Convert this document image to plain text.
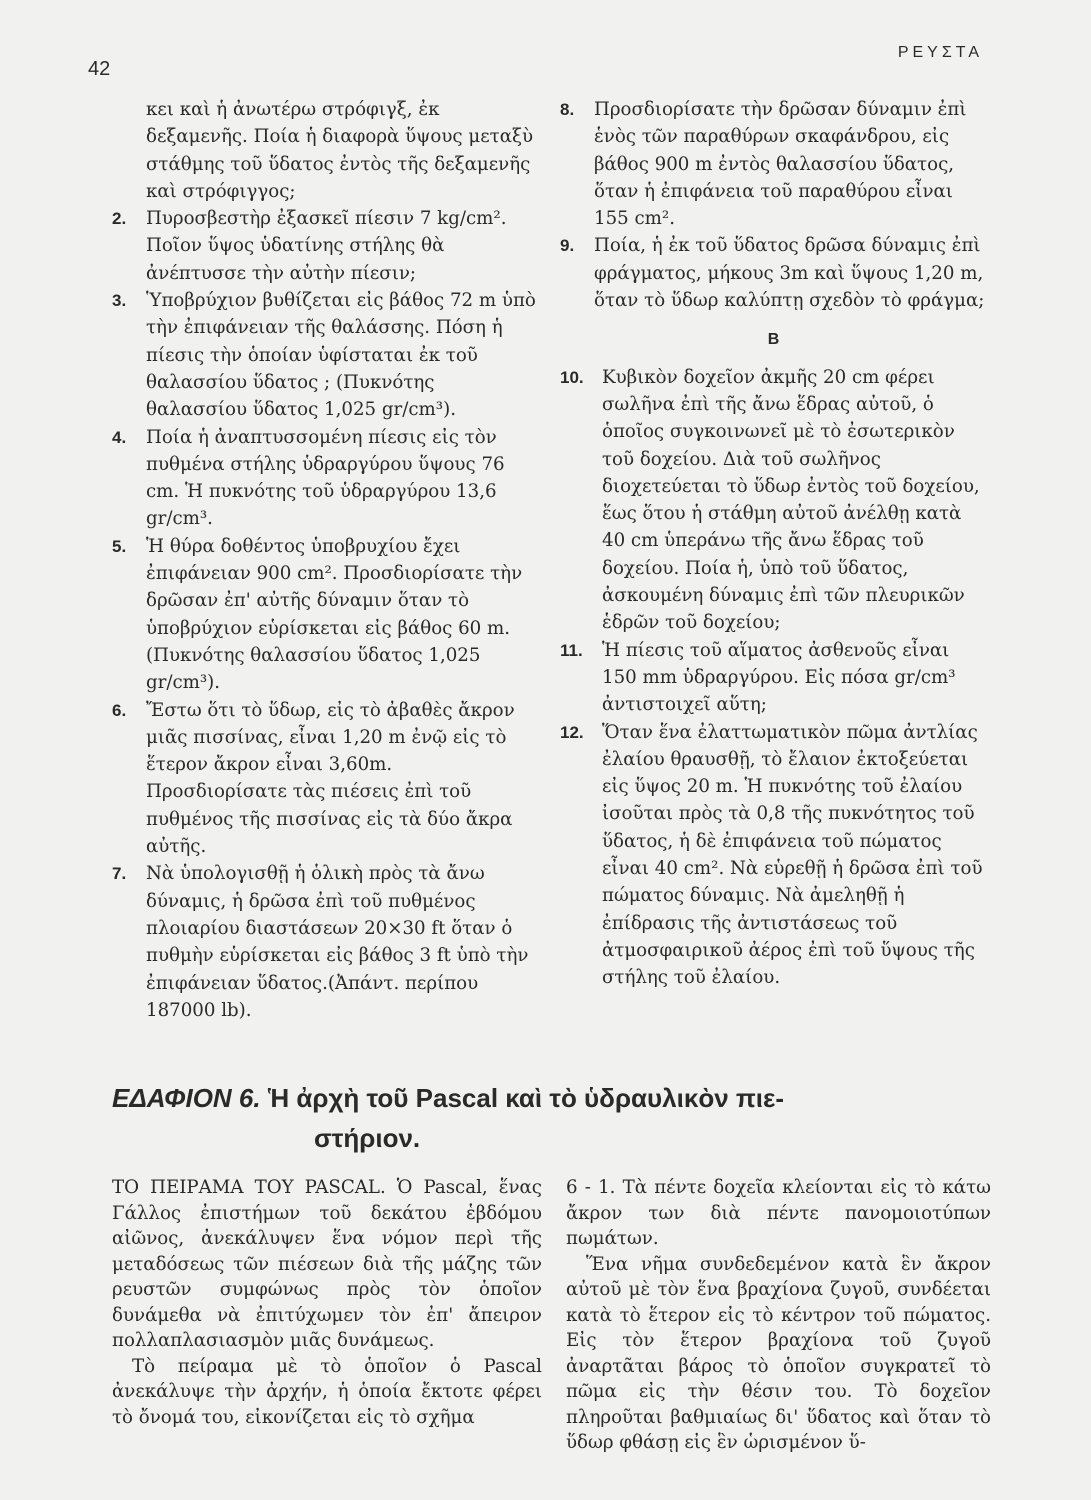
42
ΡΕΥΣΤΑ
κει καὶ ἡ ἀνωτέρω στρόφιγξ, ἐκ δεξαμενῆς. Ποία ἡ διαφορὰ ὕψους μεταξὺ στάθμης τοῦ ὕδατος ἐντὸς τῆς δεξαμενῆς καὶ στρόφιγγος;
2.	Πυροσβεστὴρ ἐξασκεῖ πίεσιν 7 kg/cm². Ποῖον ὕψος ὑδατίνης στήλης θὰ ἀνέπτυσσε τὴν αὐτὴν πίεσιν;
3.	Ὑποβρύχιον βυθίζεται εἰς βάθος 72 m ὑπὸ τὴν ἐπιφάνειαν τῆς θαλάσσης. Πόση ἡ πίεσις τὴν ὁποίαν ὑφίσταται ἐκ τοῦ θαλασσίου ὕδατος ; (Πυκνότης θαλασσίου ὕδατος 1,025 gr/cm³).
4.	Ποία ἡ ἀναπτυσσομένη πίεσις εἰς τὸν πυθμένα στήλης ὑδραργύρου ὕψους 76 cm. Ἡ πυκνότης τοῦ ὑδραργύρου 13,6 gr/cm³.
5.	Ἡ θύρα δοθέντος ὑποβρυχίου ἔχει ἐπιφάνειαν 900 cm². Προσδιορίσατε τὴν δρῶσαν ἐπ' αὐτῆς δύναμιν ὅταν τὸ ὑποβρύχιον εὑρίσκεται εἰς βάθος 60 m. (Πυκνότης θαλασσίου ὕδατος 1,025 gr/cm³).
6.	Ἔστω ὅτι τὸ ὕδωρ, εἰς τὸ ἀβαθὲς ἄκρον μιᾶς πισσίνας, εἶναι 1,20 m ἐνῷ εἰς τὸ ἕτερον ἄκρον εἶναι 3,60m. Προσδιορίσατε τὰς πιέσεις ἐπὶ τοῦ πυθμένος τῆς πισσίνας εἰς τὰ δύο ἄκρα αὐτῆς.
7.	Νὰ ὑπολογισθῇ ἡ ὁλικὴ πρὸς τὰ ἄνω δύναμις, ἡ δρῶσα ἐπὶ τοῦ πυθμένος πλοιαρίου διαστάσεων 20×30 ft ὅταν ὁ πυθμὴν εὑρίσκεται εἰς βάθος 3 ft ὑπὸ τὴν ἐπιφάνειαν ὕδατος.(Ἀπάντ. περίπου 187000 lb).
8.	Προσδιορίσατε τὴν δρῶσαν δύναμιν ἐπὶ ἑνὸς τῶν παραθύρων σκαφάνδρου, εἰς βάθος 900 m ἐντὸς θαλασσίου ὕδατος, ὅταν ἡ ἐπιφάνεια τοῦ παραθύρου εἶναι 155 cm².
9.	Ποία, ἡ ἐκ τοῦ ὕδατος δρῶσα δύναμις ἐπὶ φράγματος, μήκους 3m καὶ ὕψους 1,20 m, ὅταν τὸ ὕδωρ καλύπτῃ σχεδὸν τὸ φράγμα;
Β
10.	Κυβικὸν δοχεῖον ἀκμῆς 20 cm φέρει σωλῆνα ἐπὶ τῆς ἄνω ἕδρας αὐτοῦ, ὁ ὁποῖος συγκοινωνεῖ μὲ τὸ ἐσωτερικὸν τοῦ δοχείου. Διὰ τοῦ σωλῆνος διοχετεύεται τὸ ὕδωρ ἐντὸς τοῦ δοχείου, ἕως ὅτου ἡ στάθμη αὐτοῦ ἀνέλθῃ κατὰ 40 cm ὑπεράνω τῆς ἄνω ἕδρας τοῦ δοχείου. Ποία ἡ, ὑπὸ τοῦ ὕδατος, ἀσκουμένη δύναμις ἐπὶ τῶν πλευρικῶν ἑδρῶν τοῦ δοχείου;
11.	Ἡ πίεσις τοῦ αἵματος ἀσθενοῦς εἶναι 150 mm ὑδραργύρου. Εἰς πόσα gr/cm³ ἀντιστοιχεῖ αὕτη;
12.	Ὅταν ἕνα ἐλαττωματικὸν πῶμα ἀντλίας ἐλαίου θραυσθῇ, τὸ ἔλαιον ἐκτοξεύεται εἰς ὕψος 20 m. Ἡ πυκνότης τοῦ ἐλαίου ἰσοῦται πρὸς τὰ 0,8 τῆς πυκνότητος τοῦ ὕδατος, ἡ δὲ ἐπιφάνεια τοῦ πώματος εἶναι 40 cm². Νὰ εὑρεθῇ ἡ δρῶσα ἐπὶ τοῦ πώματος δύναμις. Νὰ ἀμεληθῇ ἡ ἐπίδρασις τῆς ἀντιστάσεως τοῦ ἀτμοσφαιρικοῦ ἀέρος ἐπὶ τοῦ ὕψους τῆς στήλης τοῦ ἐλαίου.
ΕΔΑΦΙΟΝ 6. Ἡ ἀρχὴ τοῦ Pascal καὶ τὸ ὑδραυλικὸν πιε-
στήριον.

ΤΟ ΠΕΙΡΑΜΑ ΤΟΥ PASCAL. Ὁ Pascal, ἕνας Γάλλος ἐπιστήμων τοῦ δεκάτου ἑβδόμου αἰῶνος, ἀνεκάλυψεν ἕνα νόμον περὶ τῆς μεταδόσεως τῶν πιέσεων διὰ τῆς μάζης τῶν ρευστῶν συμφώνως πρὸς τὸν ὁποῖον δυνάμεθα νὰ ἐπιτύχωμεν τὸν ἐπ' ἄπειρον πολλαπλασιασμὸν μιᾶς δυνάμεως.

Τὸ πείραμα μὲ τὸ ὁποῖον ὁ Pascal ἀνεκάλυψε τὴν ἀρχήν, ἡ ὁποία ἔκτοτε φέρει τὸ ὄνομά του, εἰκονίζεται εἰς τὸ σχῆμα

6 - 1. Τὰ πέντε δοχεῖα κλείονται εἰς τὸ κάτω ἄκρον των διὰ πέντε πανομοιοτύπων πωμάτων.

Ἕνα νῆμα συνδεδεμένον κατὰ ἓν ἄκρον αὐτοῦ μὲ τὸν ἕνα βραχίονα ζυγοῦ, συνδέεται κατὰ τὸ ἕτερον εἰς τὸ κέντρον τοῦ πώματος. Εἰς τὸν ἕτερον βραχίονα τοῦ ζυγοῦ ἀναρτᾶται βάρος τὸ ὁποῖον συγκρατεῖ τὸ πῶμα εἰς τὴν θέσιν του. Τὸ δοχεῖον πληροῦται βαθμιαίως δι' ὕδατος καὶ ὅταν τὸ ὕδωρ φθάσῃ εἰς ἓν ὡρισμένον ὕ-
